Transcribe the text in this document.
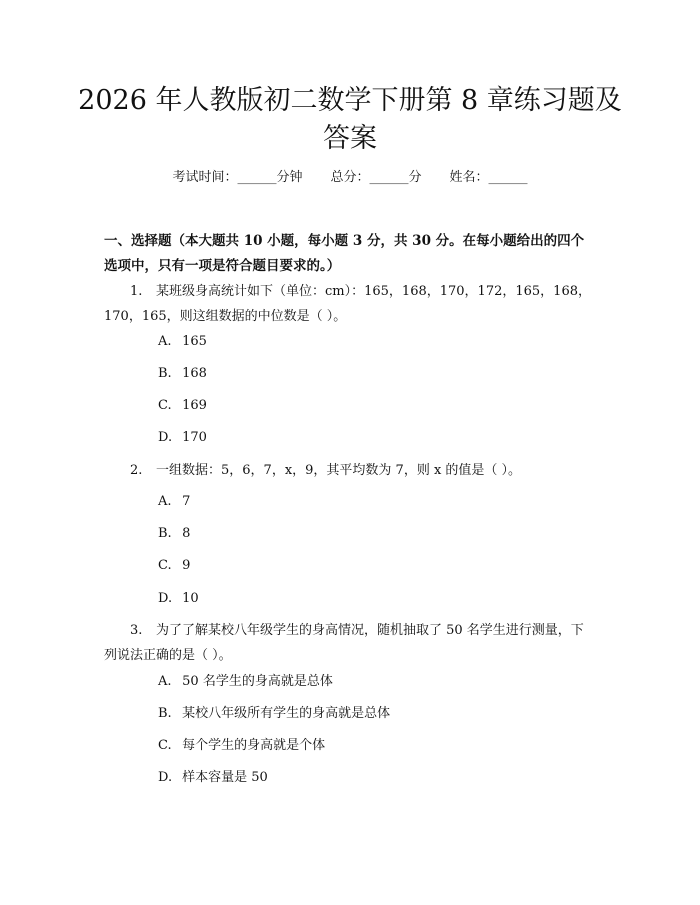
2026 年人教版初二数学下册第 8 章练习题及
答案
考试时间：______分钟 总分：______分 姓名：______

一、选择题（本大题共 10 小题，每小题 3 分，共 30 分。在每小题给出的四个选项中，只有一项是符合题目要求的。）

1. 某班级身高统计如下（单位：cm）：165，168，170，172，165，168，170，165，则这组数据的中位数是（ ）。

A. 165
B. 168
C. 169
D. 170

2. 一组数据：5，6，7，x，9，其平均数为 7，则 x 的值是（ ）。

A. 7
B. 8
C. 9
D. 10

3. 为了了解某校八年级学生的身高情况，随机抽取了 50 名学生进行测量，下列说法正确的是（ ）。

A. 50 名学生的身高就是总体
B. 某校八年级所有学生的身高就是总体
C. 每个学生的身高就是个体
D. 样本容量是 50
